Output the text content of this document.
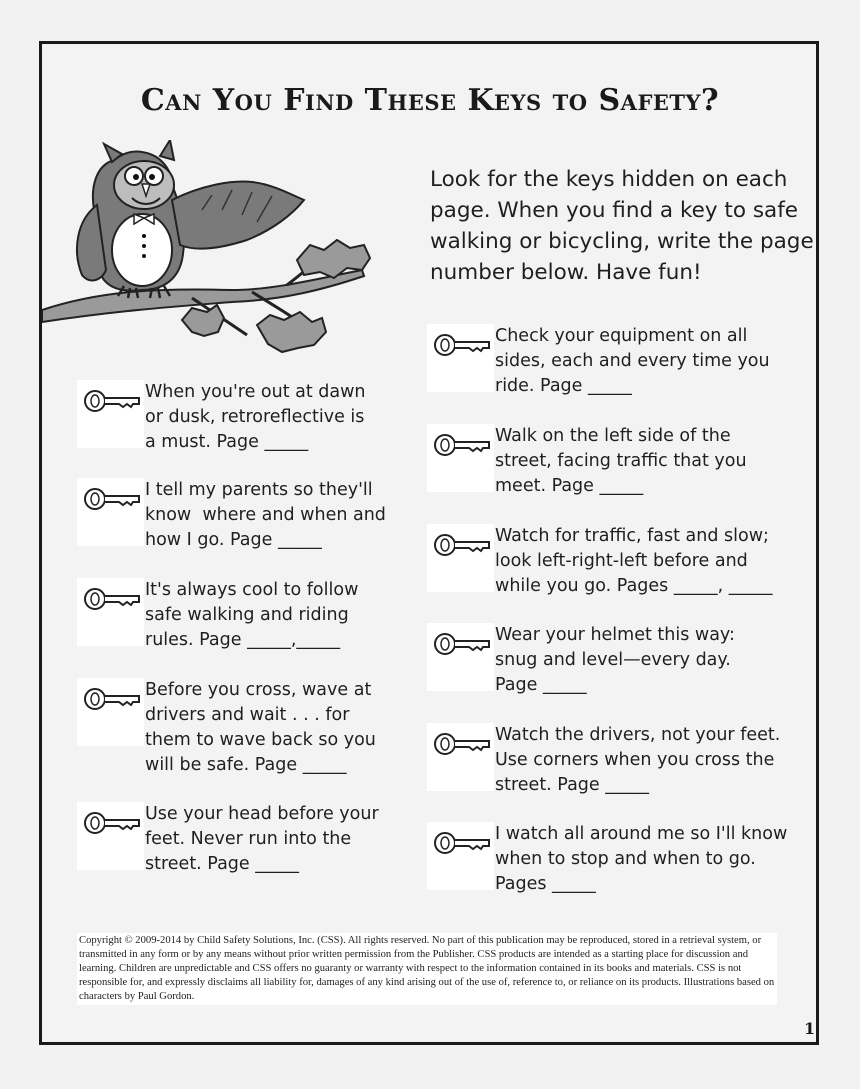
Can You Find These Keys to Safety?
Look for the keys hidden on each
page. When you find a key to safe
walking or bicycling, write the page
number below. Have fun!
When you're out at dawn
or dusk, retroreflective is
a must. Page _____
I tell my parents so they'll
know  where and when and
how I go. Page _____
It's always cool to follow
safe walking and riding
rules. Page _____,_____
Before you cross, wave at
drivers and wait . . . for
them to wave back so you
will be safe. Page _____
Use your head before your
feet. Never run into the
street. Page _____
Check your equipment on all
sides, each and every time you
ride. Page _____
Walk on the left side of the
street, facing traffic that you
meet. Page _____
Watch for traffic, fast and slow;
look left-right-left before and
while you go. Pages _____, _____
Wear your helmet this way:
snug and level—every day.
Page _____
Watch the drivers, not your feet.
Use corners when you cross the
street. Page _____
I watch all around me so I'll know
when to stop and when to go.
Pages _____
Copyright © 2009-2014 by Child Safety Solutions, Inc. (CSS). All rights reserved. No part of this publication may be reproduced, stored in a retrieval system, or transmitted in any form or by any means without prior written permission from the Publisher. CSS products are intended as a starting place for discussion and learning. Children are unpredictable and CSS offers no guaranty or warranty with respect to the information contained in its books and materials. CSS is not responsible for, and expressly disclaims all liability for, damages of any kind arising out of the use of, reference to, or reliance on its products. Illustrations based on characters by Paul Gordon.
1
